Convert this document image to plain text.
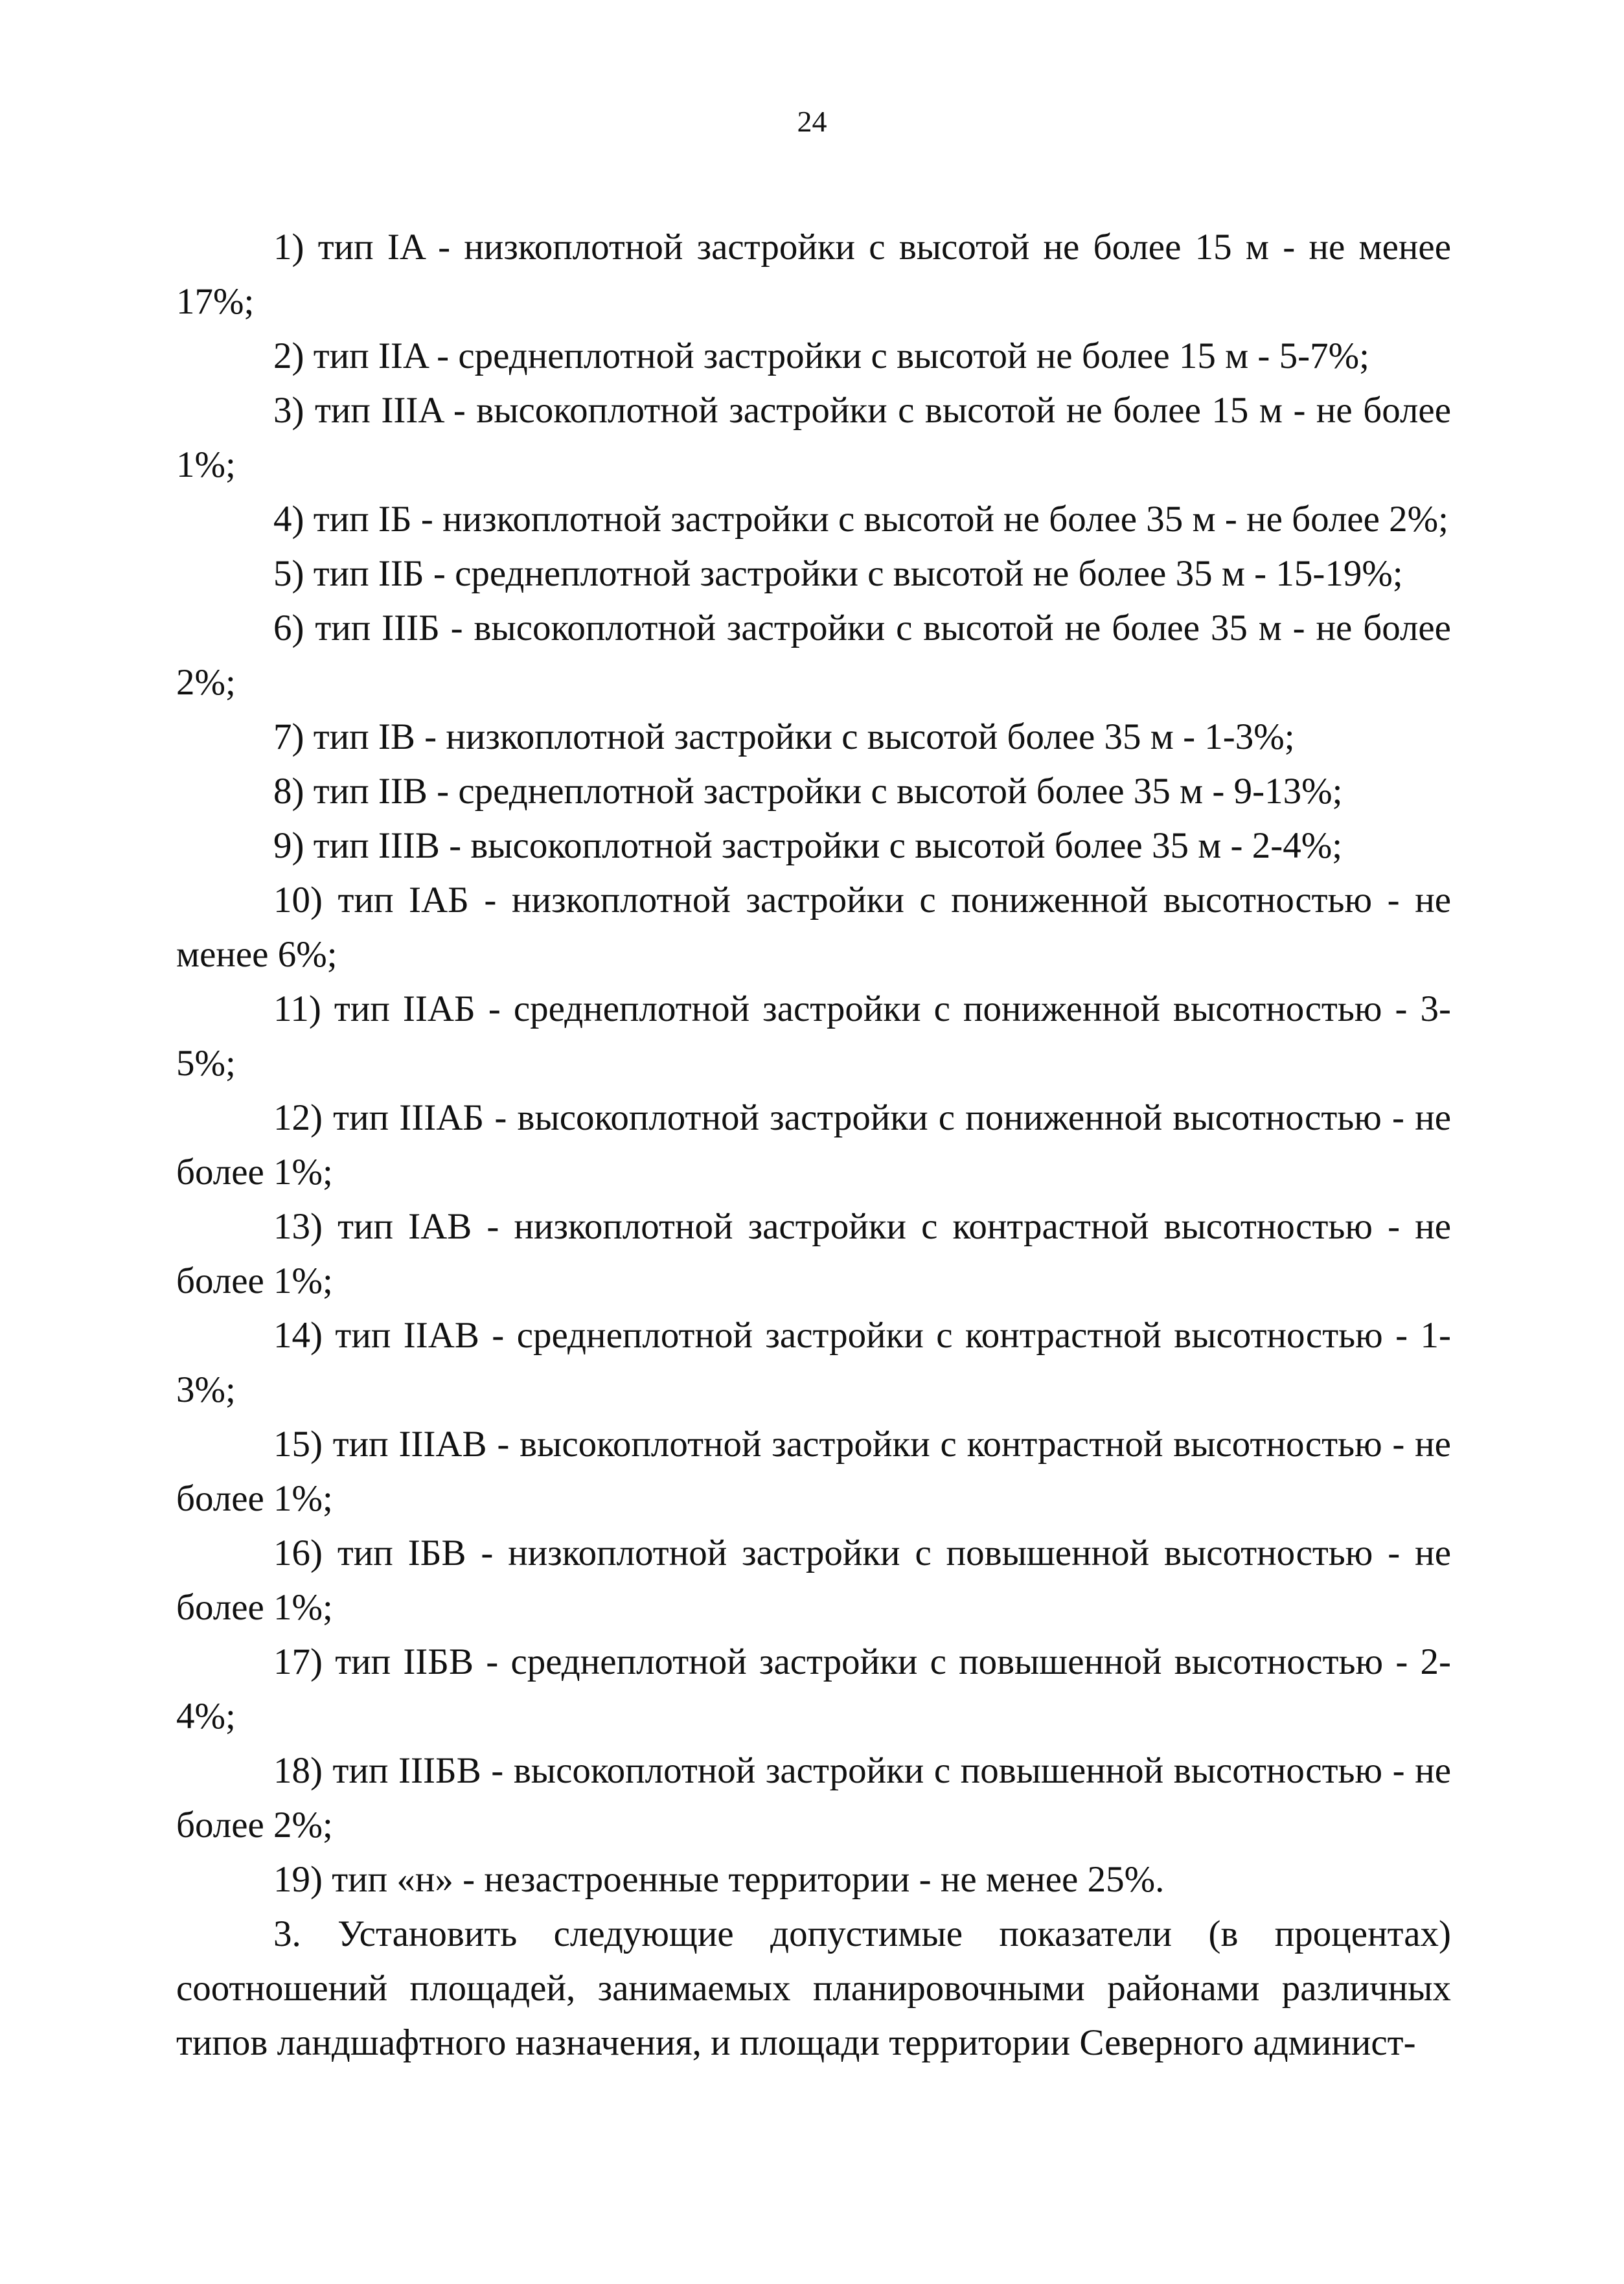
24

1) тип IA - низкоплотной застройки с высотой не более 15 м - не менее 17%;

2) тип IIA - среднеплотной застройки с высотой не более 15 м - 5-7%;

3) тип IIIA - высокоплотной застройки с высотой не более 15 м - не более 1%;

4) тип IБ - низкоплотной застройки с высотой не более 35 м - не более 2%;

5) тип IIБ - среднеплотной застройки с высотой не более 35 м - 15-19%;

6) тип IIIБ - высокоплотной застройки с высотой не более 35 м - не более 2%;

7) тип IB - низкоплотной застройки с высотой более 35 м - 1-3%;

8) тип IIB - среднеплотной застройки с высотой более 35 м - 9-13%;

9) тип IIIB - высокоплотной застройки с высотой более 35 м - 2-4%;

10) тип IAБ - низкоплотной застройки с пониженной высотностью - не менее 6%;

11) тип IIAБ - среднеплотной застройки с пониженной высотностью - 3-5%;

12) тип IIIAБ - высокоплотной застройки с пониженной высотностью - не более 1%;

13) тип IAB - низкоплотной застройки с контрастной высотностью - не более 1%;

14) тип IIAB - среднеплотной застройки с контрастной высотностью - 1-3%;

15) тип IIIAB - высокоплотной застройки с контрастной высотностью - не более 1%;

16) тип IБВ - низкоплотной застройки с повышенной высотностью - не более 1%;

17) тип IIБВ - среднеплотной застройки с повышенной высотностью - 2-4%;

18) тип IIIБВ - высокоплотной застройки с повышенной высотностью - не более 2%;

19) тип «н» - незастроенные территории - не менее 25%.

3. Установить следующие допустимые показатели (в процентах) соотношений площадей, занимаемых планировочными районами различных типов ландшафтного назначения, и площади территории Северного админист-
